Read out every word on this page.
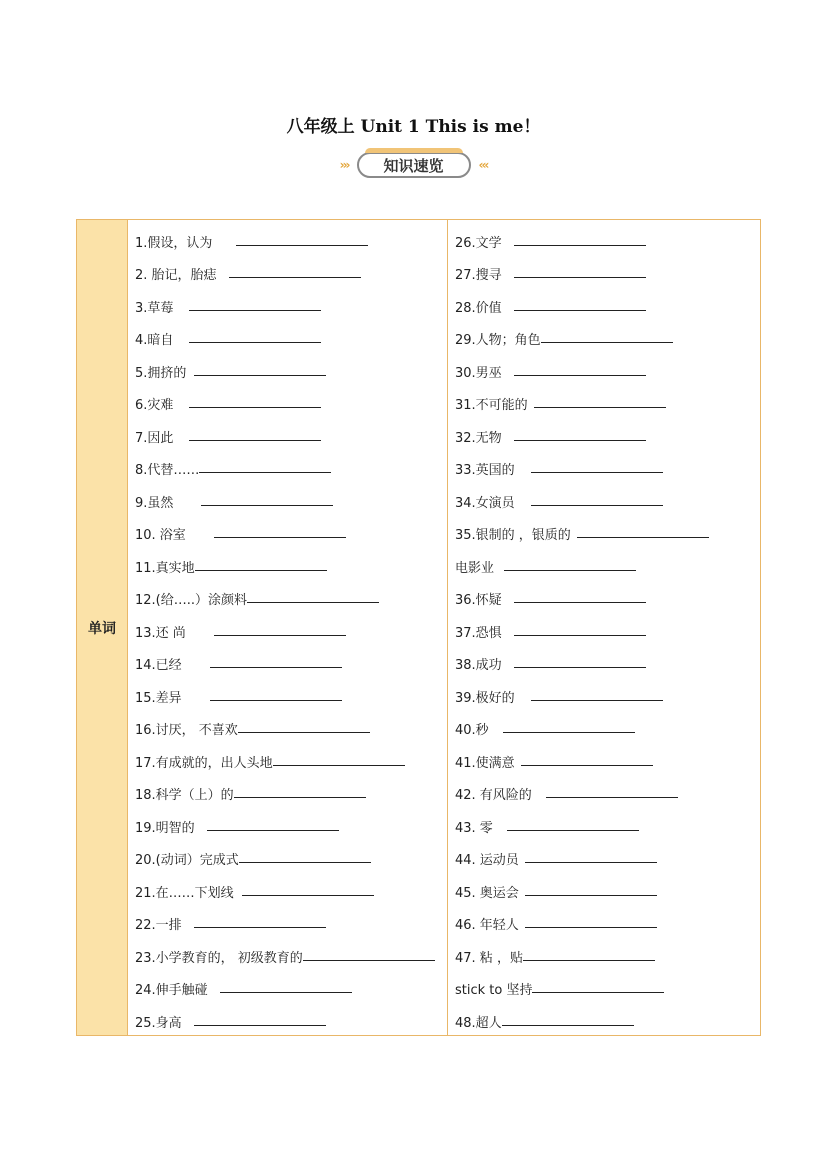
八年级上 Unit 1 This is me！
››› 知识速览	‹‹‹
单词
1.假设，认为
2. 胎记，胎痣
3.草莓
4.暗自
5.拥挤的
6.灾难
7.因此
8.代替……
9.虽然
10. 浴室
11.真实地
12.(给…..）涂颜料
13.还 尚
14.已经
15.差异
16.讨厌， 不喜欢
17.有成就的，出人头地
18.科学（上）的
19.明智的
20.(动词）完成式
21.在……下划线
22.一排
23.小学教育的， 初级教育的
24.伸手触碰
25.身高
26.文学
27.搜寻
28.价值
29.人物；角色
30.男巫
31.不可能的
32.无物
33.英国的
34.女演员
35.银制的 ，银质的
电影业
36.怀疑
37.恐惧
38.成功
39.极好的
40.秒
41.使满意
42. 有风险的
43. 零
44. 运动员
45. 奥运会
46. 年轻人
47. 粘 ，贴
stick to 坚持
48.超人
